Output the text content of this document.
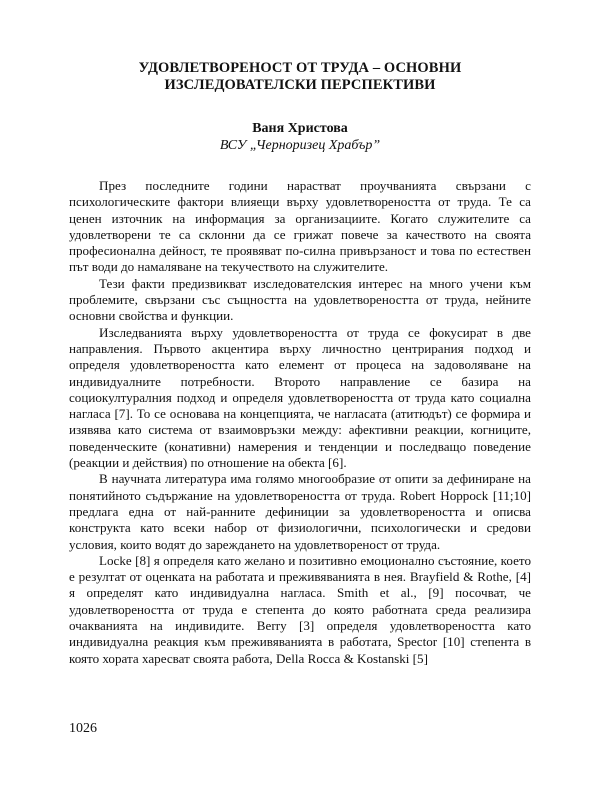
УДОВЛЕТВОРЕНОСТ ОТ ТРУДА – ОСНОВНИ
ИЗСЛЕДОВАТЕЛСКИ ПЕРСПЕКТИВИ
Ваня Христова
ВСУ „Черноризец Храбър”

През последните години нарастват проучванията свързани с психологическите фактори влияещи върху удовлетвореността от труда. Те са ценен източник на информация за организациите. Когато служителите са удовлетворени те са склонни да се грижат повече за качеството на своята професионална дейност, те проявяват по-силна привързаност и това по естествен път води до намаляване на текучеството на служителите.

Тези факти предизвикват изследователския интерес на много учени към проблемите, свързани със същността на удовлетвореността от труда, нейните основни свойства и функции.

Изследванията върху удовлетвореността от труда се фокусират в две направления. Първото акцентира върху личностно центрирания подход и определя удовлетвореността като елемент от процеса на задоволяване на индивидуалните потребности. Второто направление се базира на социокултуралния подход и определя удовлетвореността от труда като социална нагласа [7]. То се основава на концепцията, че нагласата (атитюдът) се формира и изявява като система от взаимовръзки между: афективни реакции, когниците, поведенческите (конативни) намерения и тенденции и последващо поведение (реакции и действия) по отношение на обекта [6].

В научната литература има голямо многообразие от опити за дефиниране на понятийното съдържание на удовлетвореността от труда. Robert Hoppock [11;10] предлага една от най-ранните дефиниции за удовлетвореността и описва конструкта като всеки набор от физиологични, психологически и средови условия, които водят до зареждането на удовлетвореност от труда.

Locke [8] я определя като желано и позитивно емоционално състояние, което е резултат от оценката на работата и преживяванията в нея. Brayfield & Rothe, [4] я определят като индивидуална нагласа. Smith et al., [9] посочват, че удовлетвореността от труда е степента до която работната среда реализира очакванията на индивидите. Berry [3] определя удовлетвореността като индивидуална реакция към преживяванията в работата, Spector [10] степента в която хората харесват своята работа, Della Rocca & Kostanski [5]

1026
